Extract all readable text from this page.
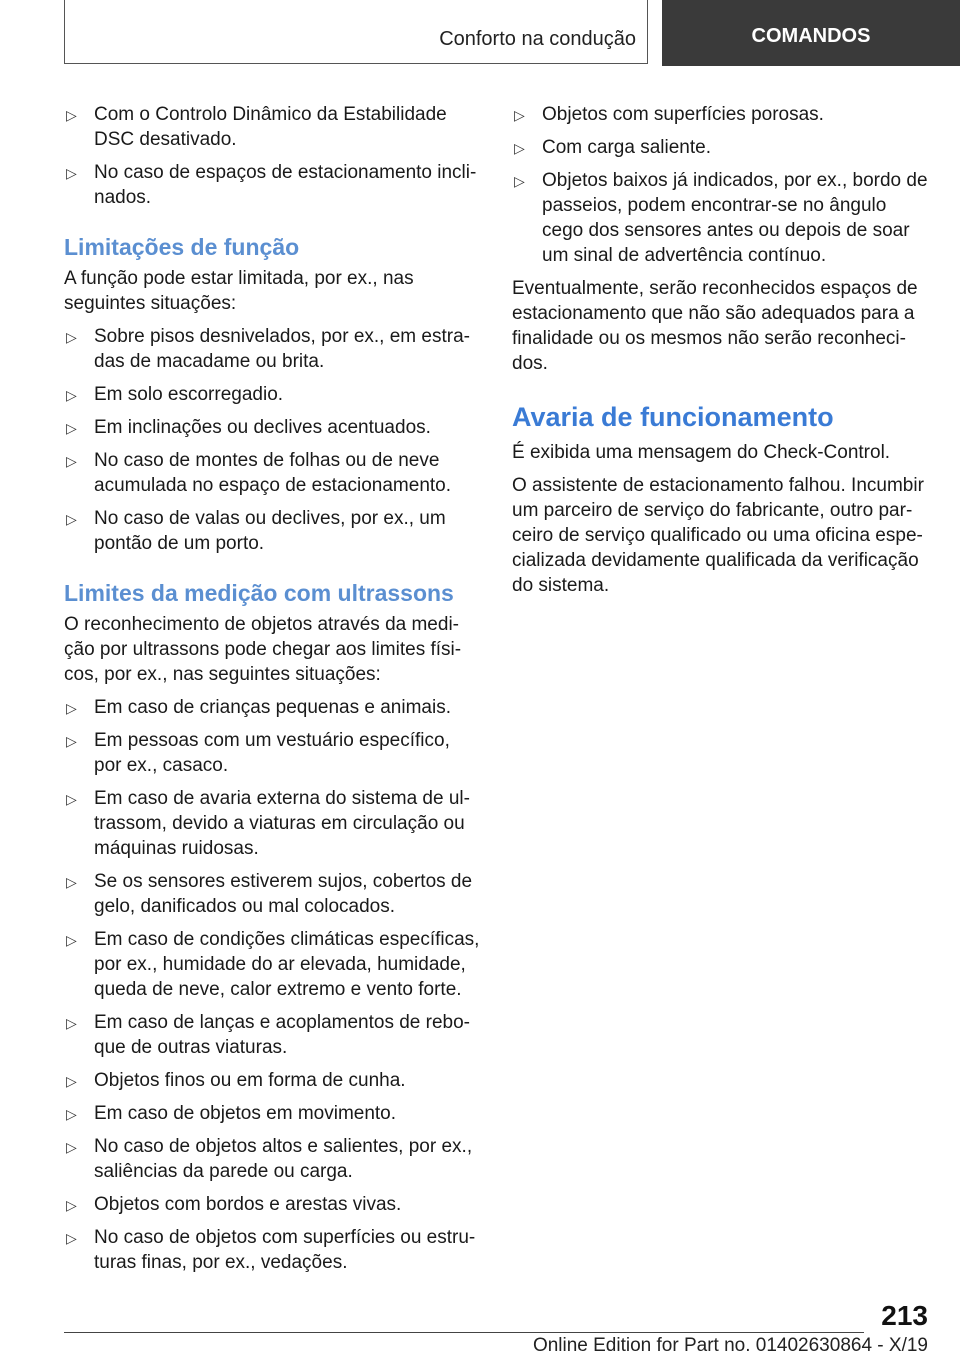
Conforto na condução	COMANDOS
▷ Com o Controlo Dinâmico da Estabilidade DSC desativado.
▷ No caso de espaços de estacionamento inclinados.
Limitações de função

A função pode estar limitada, por ex., nas seguintes situações:

▷ Sobre pisos desnivelados, por ex., em estradas de macadame ou brita.
▷ Em solo escorregadio.
▷ Em inclinações ou declives acentuados.
▷ No caso de montes de folhas ou de neve acumulada no espaço de estacionamento.
▷ No caso de valas ou declives, por ex., um pontão de um porto.
Limites da medição com ultrassons

O reconhecimento de objetos através da medição por ultrassons pode chegar aos limites físicos, por ex., nas seguintes situações:

▷ Em caso de crianças pequenas e animais.
▷ Em pessoas com um vestuário específico, por ex., casaco.
▷ Em caso de avaria externa do sistema de ultrassom, devido a viaturas em circulação ou máquinas ruidosas.
▷ Se os sensores estiverem sujos, cobertos de gelo, danificados ou mal colocados.
▷ Em caso de condições climáticas específicas, por ex., humidade do ar elevada, humidade, queda de neve, calor extremo e vento forte.
▷ Em caso de lanças e acoplamentos de reboque de outras viaturas.
▷ Objetos finos ou em forma de cunha.
▷ Em caso de objetos em movimento.
▷ No caso de objetos altos e salientes, por ex., saliências da parede ou carga.
▷ Objetos com bordos e arestas vivas.
▷ No caso de objetos com superfícies ou estruturas finas, por ex., vedações.
▷ Objetos com superfícies porosas.
▷ Com carga saliente.
▷ Objetos baixos já indicados, por ex., bordo de passeios, podem encontrar-se no ângulo cego dos sensores antes ou depois de soar um sinal de advertência contínuo.

Eventualmente, serão reconhecidos espaços de estacionamento que não são adequados para a finalidade ou os mesmos não serão reconhecidos.

Avaria de funcionamento

É exibida uma mensagem do Check-Control.

O assistente de estacionamento falhou. Incumbir um parceiro de serviço do fabricante, outro parceiro de serviço qualificado ou uma oficina especializada devidamente qualificada da verificação do sistema.

213
Online Edition for Part no. 01402630864 - X/19
